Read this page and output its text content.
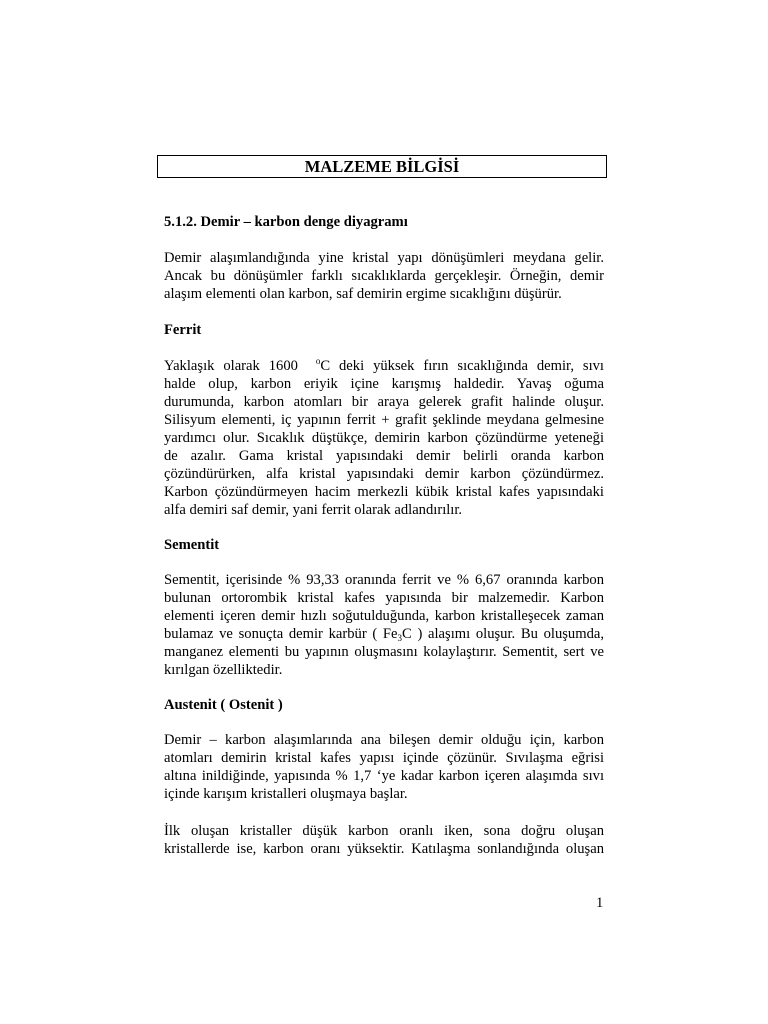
MALZEME BİLGİSİ
5.1.2. Demir – karbon denge diyagramı
Demir alaşımlandığında yine kristal yapı dönüşümleri meydana gelir.
Ancak bu dönüşümler farklı sıcaklıklarda gerçekleşir. Örneğin, demir
alaşım elementi olan karbon, saf demirin ergime sıcaklığını düşürür.
Ferrit
Yaklaşık olarak 1600 $^o$C deki yüksek fırın sıcaklığında demir, sıvı
halde olup, karbon eriyik içine karışmış haldedir. Yavaş oğuma
durumunda, karbon atomları bir araya gelerek grafit halinde oluşur.
Silisyum elementi, iç yapının ferrit + grafit şeklinde meydana gelmesine
yardımcı olur. Sıcaklık düştükçe, demirin karbon çözündürme yeteneği
de azalır. Gama kristal yapısındaki demir belirli oranda karbon
çözündürürken, alfa kristal yapısındaki demir karbon çözündürmez.
Karbon çözündürmeyen hacim merkezli kübik kristal kafes yapısındaki
alfa demiri saf demir, yani ferrit olarak adlandırılır.
Sementit
Sementit, içerisinde % 93,33 oranında ferrit ve % 6,67 oranında karbon
bulunan ortorombik kristal kafes yapısında bir malzemedir. Karbon
elementi içeren demir hızlı soğutulduğunda, karbon kristalleşecek zaman
bulamaz ve sonuçta demir karbür ( $Fe_3C$ ) alaşımı oluşur. Bu oluşumda,
manganez elementi bu yapının oluşmasını kolaylaştırır. Sementit, sert ve
kırılgan özelliktedir.
Austenit ( Ostenit )
Demir – karbon alaşımlarında ana bileşen demir olduğu için, karbon
atomları demirin kristal kafes yapısı içinde çözünür. Sıvılaşma eğrisi
altına inildiğinde, yapısında % 1,7 ‘ye kadar karbon içeren alaşımda sıvı
içinde karışım kristalleri oluşmaya başlar.
İlk oluşan kristaller düşük karbon oranlı iken, sona doğru oluşan
kristallerde ise, karbon oranı yüksektir. Katılaşma sonlandığında oluşan
1
